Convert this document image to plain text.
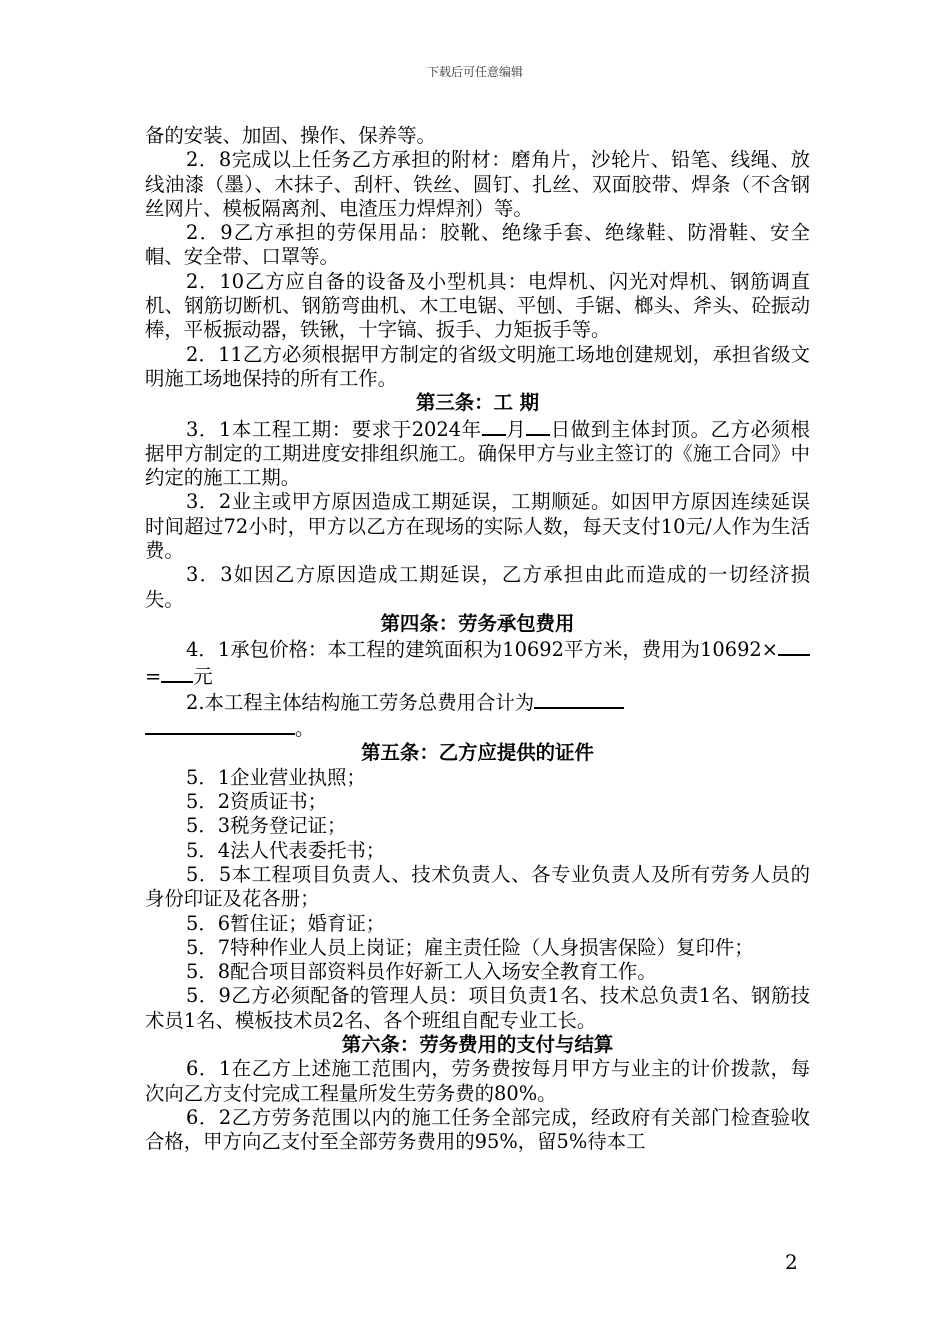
下载后可任意编辑

备的安装、加固、操作、保养等。

2．8完成以上任务乙方承担的附材：磨角片，沙轮片、铅笔、线绳、放线油漆（墨）、木抹子、刮杆、铁丝、圆钉、扎丝、双面胶带、焊条（不含钢丝网片、模板隔离剂、电渣压力焊焊剂）等。

2．9乙方承担的劳保用品：胶靴、绝缘手套、绝缘鞋、防滑鞋、安全帽、安全带、口罩等。

2．10乙方应自备的设备及小型机具：电焊机、闪光对焊机、钢筋调直机、钢筋切断机、钢筋弯曲机、木工电锯、平刨、手锯、榔头、斧头、砼振动棒，平板振动器，铁锹，十字镐、扳手、力矩扳手等。

2．11乙方必须根据甲方制定的省级文明施工场地创建规划，承担省级文明施工场地保持的所有工作。

第三条：工 期

3．1本工程工期：要求于2024年 月 日做到主体封顶。乙方必须根据甲方制定的工期进度安排组织施工。确保甲方与业主签订的《施工合同》中约定的施工工期。

3．2业主或甲方原因造成工期延误，工期顺延。如因甲方原因连续延误时间超过72小时，甲方以乙方在现场的实际人数，每天支付10元/人作为生活费。

3．3如因乙方原因造成工期延误，乙方承担由此而造成的一切经济损失。

第四条：劳务承包费用

4．1承包价格：本工程的建筑面积为10692平方米，费用为10692×= 元

2.本工程主体结构施工劳务总费用合计为
。

第五条：乙方应提供的证件

5．1企业营业执照；

5．2资质证书；

5．3税务登记证；

5．4法人代表委托书；

5．5本工程项目负责人、技术负责人、各专业负责人及所有劳务人员的身份印证及花各册；

5．6暂住证；婚育证；

5．7特种作业人员上岗证；雇主责任险（人身损害保险）复印件；

5．8配合项目部资料员作好新工人入场安全教育工作。

5．9乙方必须配备的管理人员：项目负责1名、技术总负责1名、钢筋技术员1名、模板技术员2名、各个班组自配专业工长。

第六条：劳务费用的支付与结算

6．1在乙方上述施工范围内，劳务费按每月甲方与业主的计价拨款，每次向乙方支付完成工程量所发生劳务费的80%。

6．2乙方劳务范围以内的施工任务全部完成，经政府有关部门检查验收合格，甲方向乙支付至全部劳务费用的95%，留5%待本工

2
